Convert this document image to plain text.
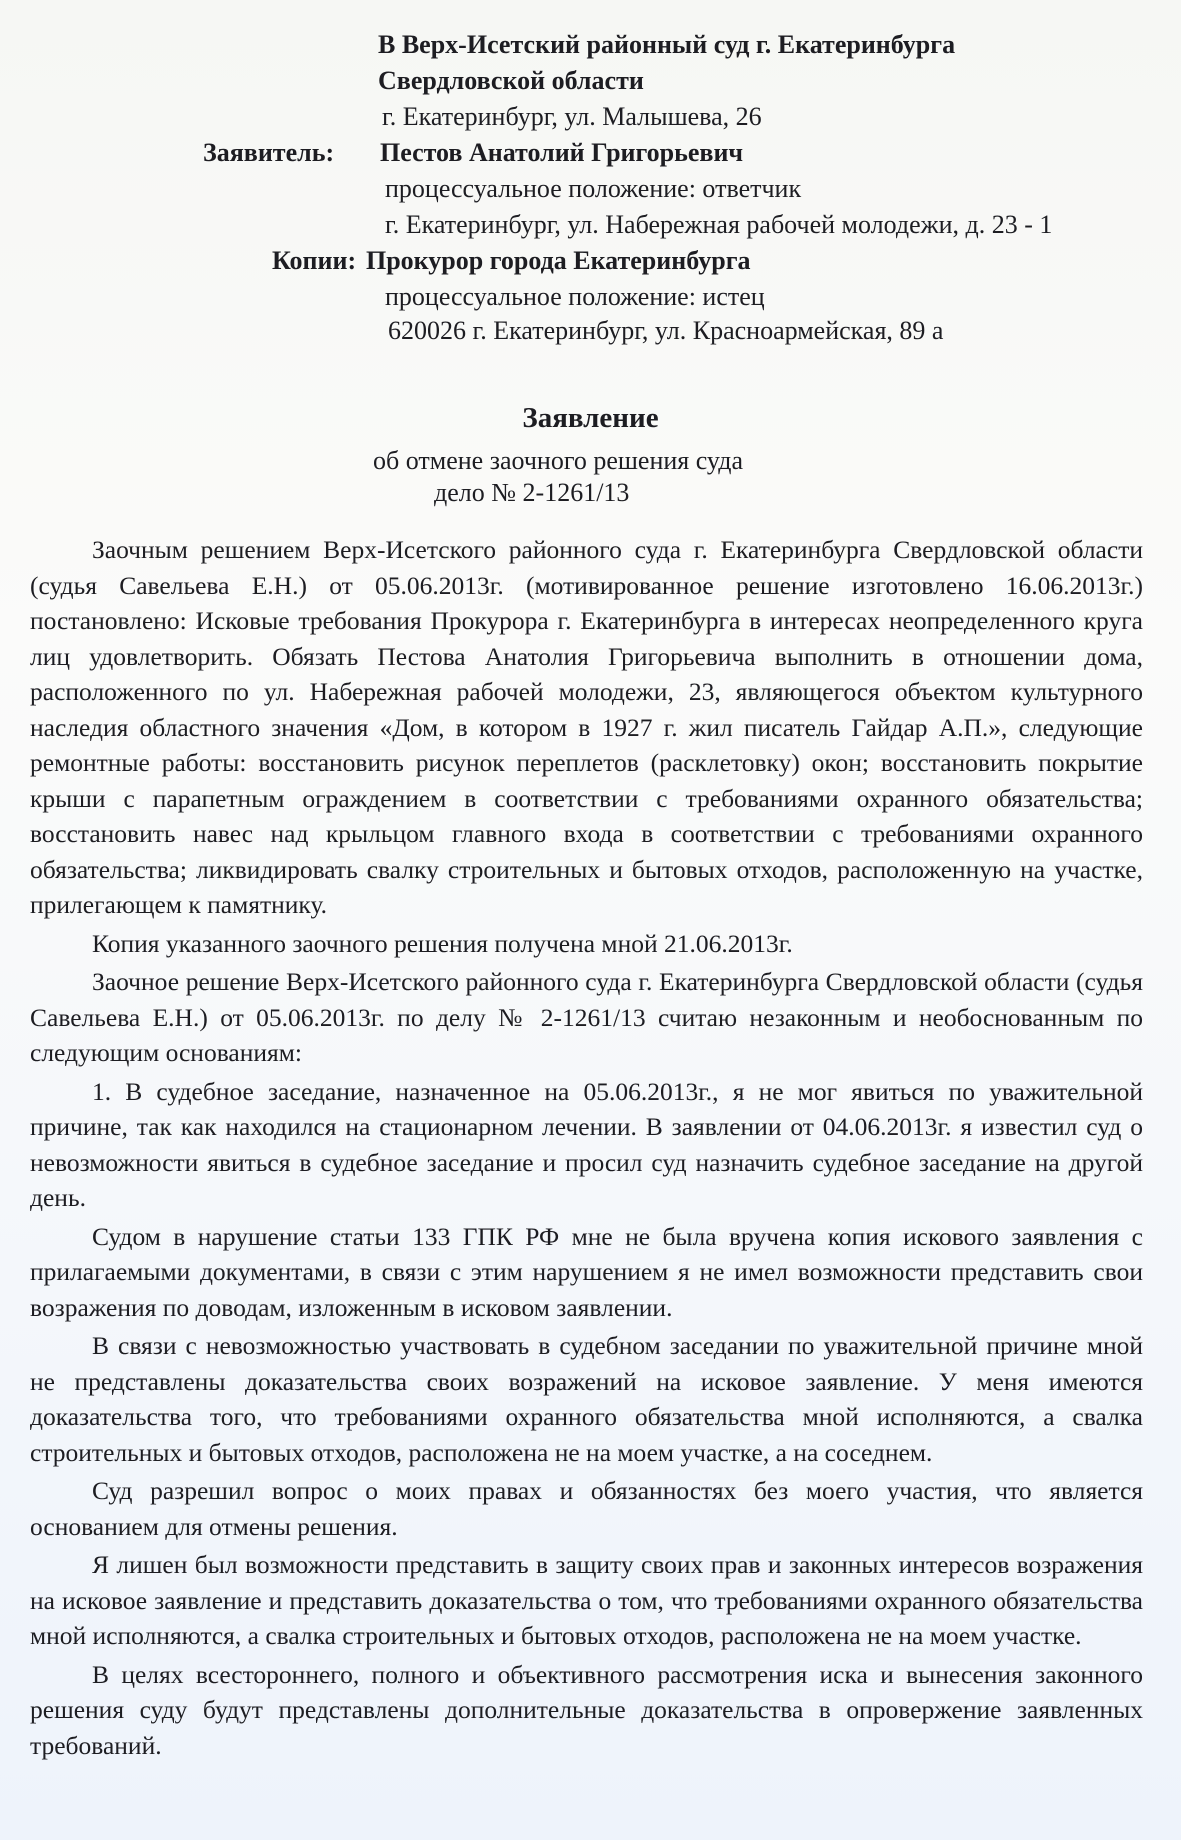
В Верх-Исетский районный суд г. Екатеринбурга
Свердловской области
г. Екатеринбург, ул. Малышева, 26
Заявитель: Пестов Анатолий Григорьевич
процессуальное положение: ответчик
г. Екатеринбург, ул. Набережная рабочей молодежи, д. 23 - 1
Копии: Прокурор города Екатеринбурга
процессуальное положение: истец
620026 г. Екатеринбург, ул. Красноармейская, 89 а
Заявление
об отмене заочного решения суда
дело № 2-1261/13

Заочным решением Верх-Исетского районного суда г. Екатеринбурга Свердловской области (судья Савельева Е.Н.) от 05.06.2013г. (мотивированное решение изготовлено 16.06.2013г.) постановлено: Исковые требования Прокурора г. Екатеринбурга в интересах неопределенного круга лиц удовлетворить. Обязать Пестова Анатолия Григорьевича выполнить в отношении дома, расположенного по ул. Набережная рабочей молодежи, 23, являющегося объектом культурного наследия областного значения «Дом, в котором в 1927 г. жил писатель Гайдар А.П.», следующие ремонтные работы: восстановить рисунок переплетов (расклетовку) окон; восстановить покрытие крыши с парапетным ограждением в соответствии с требованиями охранного обязательства; восстановить навес над крыльцом главного входа в соответствии с требованиями охранного обязательства; ликвидировать свалку строительных и бытовых отходов, расположенную на участке, прилегающем к памятнику.

Копия указанного заочного решения получена мной 21.06.2013г.

Заочное решение Верх-Исетского районного суда г. Екатеринбурга Свердловской области (судья Савельева Е.Н.) от 05.06.2013г. по делу № 2-1261/13 считаю незаконным и необоснованным по следующим основаниям:

1. В судебное заседание, назначенное на 05.06.2013г., я не мог явиться по уважительной причине, так как находился на стационарном лечении. В заявлении от 04.06.2013г. я известил суд о невозможности явиться в судебное заседание и просил суд назначить судебное заседание на другой день.

Судом в нарушение статьи 133 ГПК РФ мне не была вручена копия искового заявления с прилагаемыми документами, в связи с этим нарушением я не имел возможности представить свои возражения по доводам, изложенным в исковом заявлении.

В связи с невозможностью участвовать в судебном заседании по уважительной причине мной не представлены доказательства своих возражений на исковое заявление. У меня имеются доказательства того, что требованиями охранного обязательства мной исполняются, а свалка строительных и бытовых отходов, расположена не на моем участке, а на соседнем.

Суд разрешил вопрос о моих правах и обязанностях без моего участия, что является основанием для отмены решения.

Я лишен был возможности представить в защиту своих прав и законных интересов возражения на исковое заявление и представить доказательства о том, что требованиями охранного обязательства мной исполняются, а свалка строительных и бытовых отходов, расположена не на моем участке.

В целях всестороннего, полного и объективного рассмотрения иска и вынесения законного решения суду будут представлены дополнительные доказательства в опровержение заявленных требований.
